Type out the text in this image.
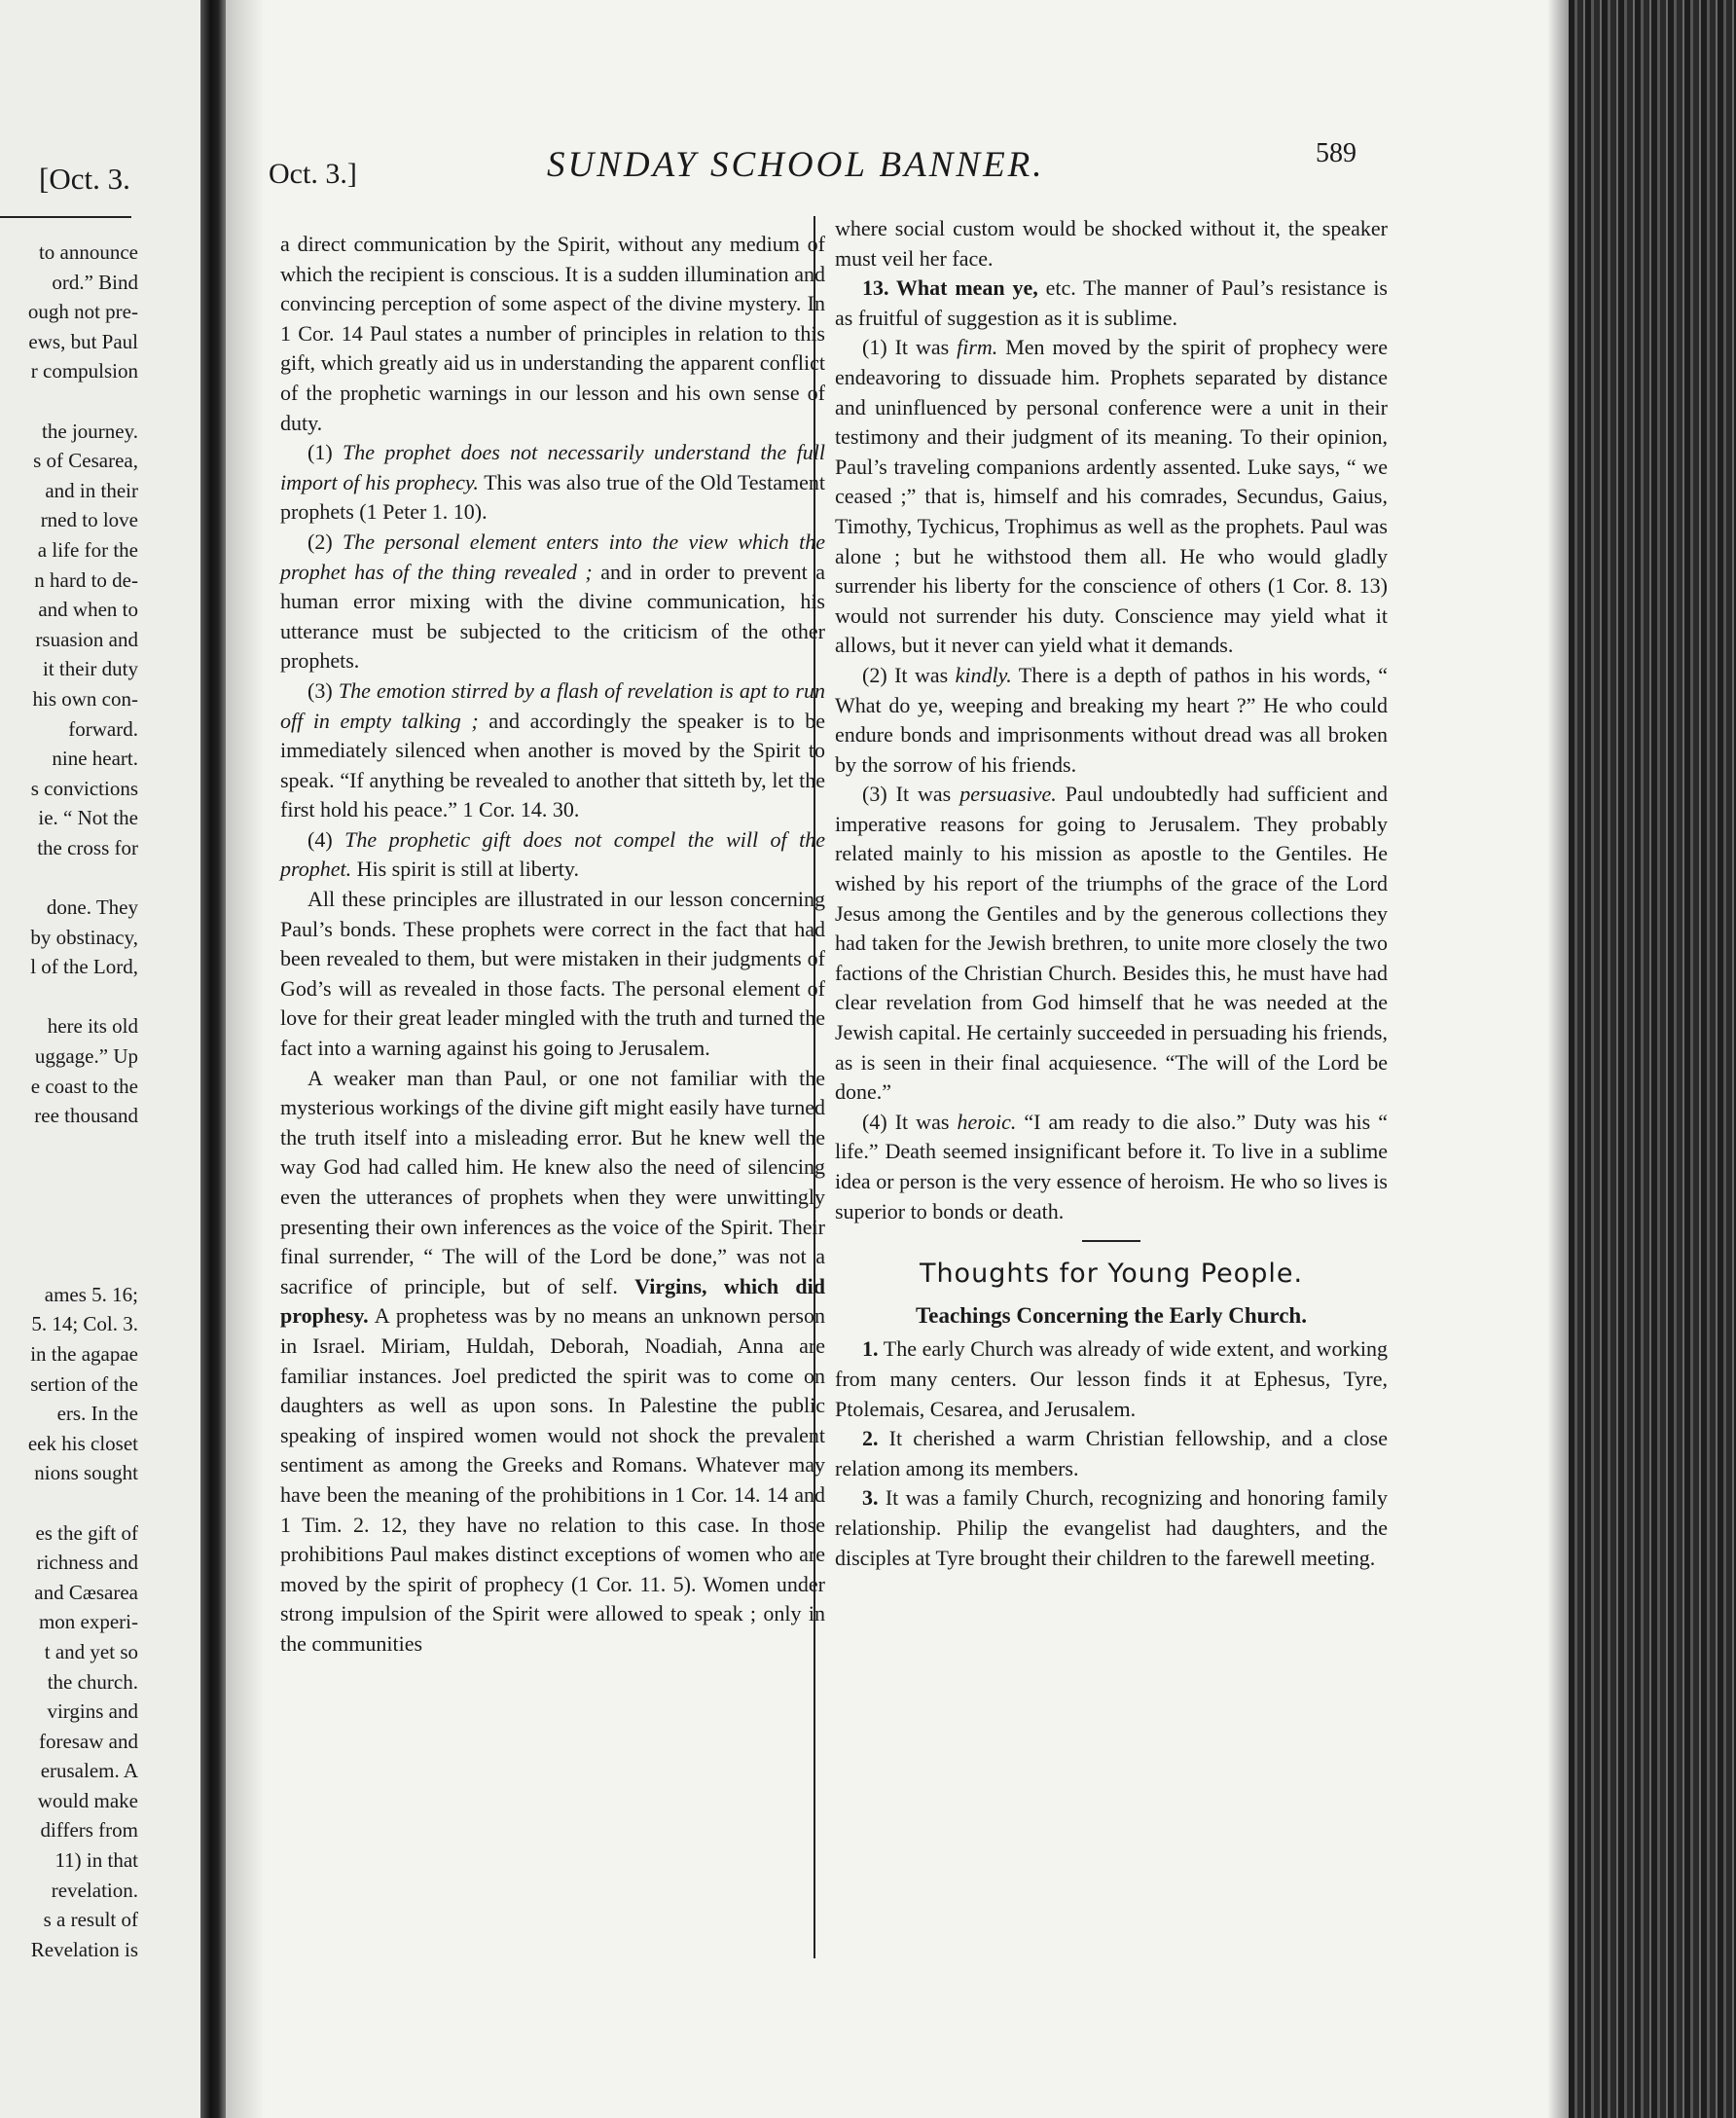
[Oct. 3.
to announce
ord.” Bind
ough not pre-
ews, but Paul
r compulsion
the journey.
s of Cesarea,
and in their
rned to love
a life for the
n hard to de-
and when to
rsuasion and
it their duty
his own con-
forward.
nine heart.
s convictions
ie. “ Not the
the cross for
done. They
by obstinacy,
l of the Lord,
here its old
uggage.” Up
e coast to the
ree thousand
ames 5. 16;
5. 14; Col. 3.
in the agapae
sertion of the
ers. In the
eek his closet
nions sought
es the gift of
richness and
and Cæsarea
mon experi-
t and yet so
the church.
virgins and
foresaw and
erusalem. A
would make
differs from
11) in that
revelation.
s a result of
Revelation is
Oct. 3.]	SUNDAY SCHOOL BANNER.	589

a direct communication by the Spirit, without any medium of which the recipient is conscious. It is a sudden illumination and convincing perception of some aspect of the divine mystery. In 1 Cor. 14 Paul states a number of principles in relation to this gift, which greatly aid us in understanding the apparent conflict of the prophetic warnings in our lesson and his own sense of duty.

(1) The prophet does not necessarily understand the full import of his prophecy. This was also true of the Old Testament prophets (1 Peter 1. 10).

(2) The personal element enters into the view which the prophet has of the thing revealed ; and in order to prevent a human error mixing with the divine communication, his utterance must be subjected to the criticism of the other prophets.

(3) The emotion stirred by a flash of revelation is apt to run off in empty talking ; and accordingly the speaker is to be immediately silenced when another is moved by the Spirit to speak. “If anything be revealed to another that sitteth by, let the first hold his peace.” 1 Cor. 14. 30.

(4) The prophetic gift does not compel the will of the prophet. His spirit is still at liberty.

All these principles are illustrated in our lesson concerning Paul’s bonds. These prophets were correct in the fact that had been revealed to them, but were mistaken in their judgments of God’s will as revealed in those facts. The personal element of love for their great leader mingled with the truth and turned the fact into a warning against his going to Jerusalem.

A weaker man than Paul, or one not familiar with the mysterious workings of the divine gift might easily have turned the truth itself into a misleading error. But he knew well the way God had called him. He knew also the need of silencing even the utterances of prophets when they were unwittingly presenting their own inferences as the voice of the Spirit. Their final surrender, “ The will of the Lord be done,” was not a sacrifice of principle, but of self. Virgins, which did prophesy. A prophetess was by no means an unknown person in Israel. Miriam, Huldah, Deborah, Noadiah, Anna are familiar instances. Joel predicted the spirit was to come on daughters as well as upon sons. In Palestine the public speaking of inspired women would not shock the prevalent sentiment as among the Greeks and Romans. Whatever may have been the meaning of the prohibitions in 1 Cor. 14. 14 and 1 Tim. 2. 12, they have no relation to this case. In those prohibitions Paul makes distinct exceptions of women who are moved by the spirit of prophecy (1 Cor. 11. 5). Women under strong impulsion of the Spirit were allowed to speak ; only in the communities

where social custom would be shocked without it, the speaker must veil her face.

13. What mean ye, etc. The manner of Paul’s resistance is as fruitful of suggestion as it is sublime.

(1) It was firm. Men moved by the spirit of prophecy were endeavoring to dissuade him. Prophets separated by distance and uninfluenced by personal conference were a unit in their testimony and their judgment of its meaning. To their opinion, Paul’s traveling companions ardently assented. Luke says, “ we ceased ;” that is, himself and his comrades, Secundus, Gaius, Timothy, Tychicus, Trophimus as well as the prophets. Paul was alone ; but he withstood them all. He who would gladly surrender his liberty for the conscience of others (1 Cor. 8. 13) would not surrender his duty. Conscience may yield what it allows, but it never can yield what it demands.

(2) It was kindly. There is a depth of pathos in his words, “ What do ye, weeping and breaking my heart ?” He who could endure bonds and imprisonments without dread was all broken by the sorrow of his friends.

(3) It was persuasive. Paul undoubtedly had sufficient and imperative reasons for going to Jerusalem. They probably related mainly to his mission as apostle to the Gentiles. He wished by his report of the triumphs of the grace of the Lord Jesus among the Gentiles and by the generous collections they had taken for the Jewish brethren, to unite more closely the two factions of the Christian Church. Besides this, he must have had clear revelation from God himself that he was needed at the Jewish capital. He certainly succeeded in persuading his friends, as is seen in their final acquiesence. “The will of the Lord be done.”

(4) It was heroic. “I am ready to die also.” Duty was his “ life.” Death seemed insignificant before it. To live in a sublime idea or person is the very essence of heroism. He who so lives is superior to bonds or death.

Thoughts for Young People.
Teachings Concerning the Early Church.

1. The early Church was already of wide extent, and working from many centers. Our lesson finds it at Ephesus, Tyre, Ptolemais, Cesarea, and Jerusalem.

2. It cherished a warm Christian fellowship, and a close relation among its members.

3. It was a family Church, recognizing and honoring family relationship. Philip the evangelist had daughters, and the disciples at Tyre brought their children to the farewell meeting.
